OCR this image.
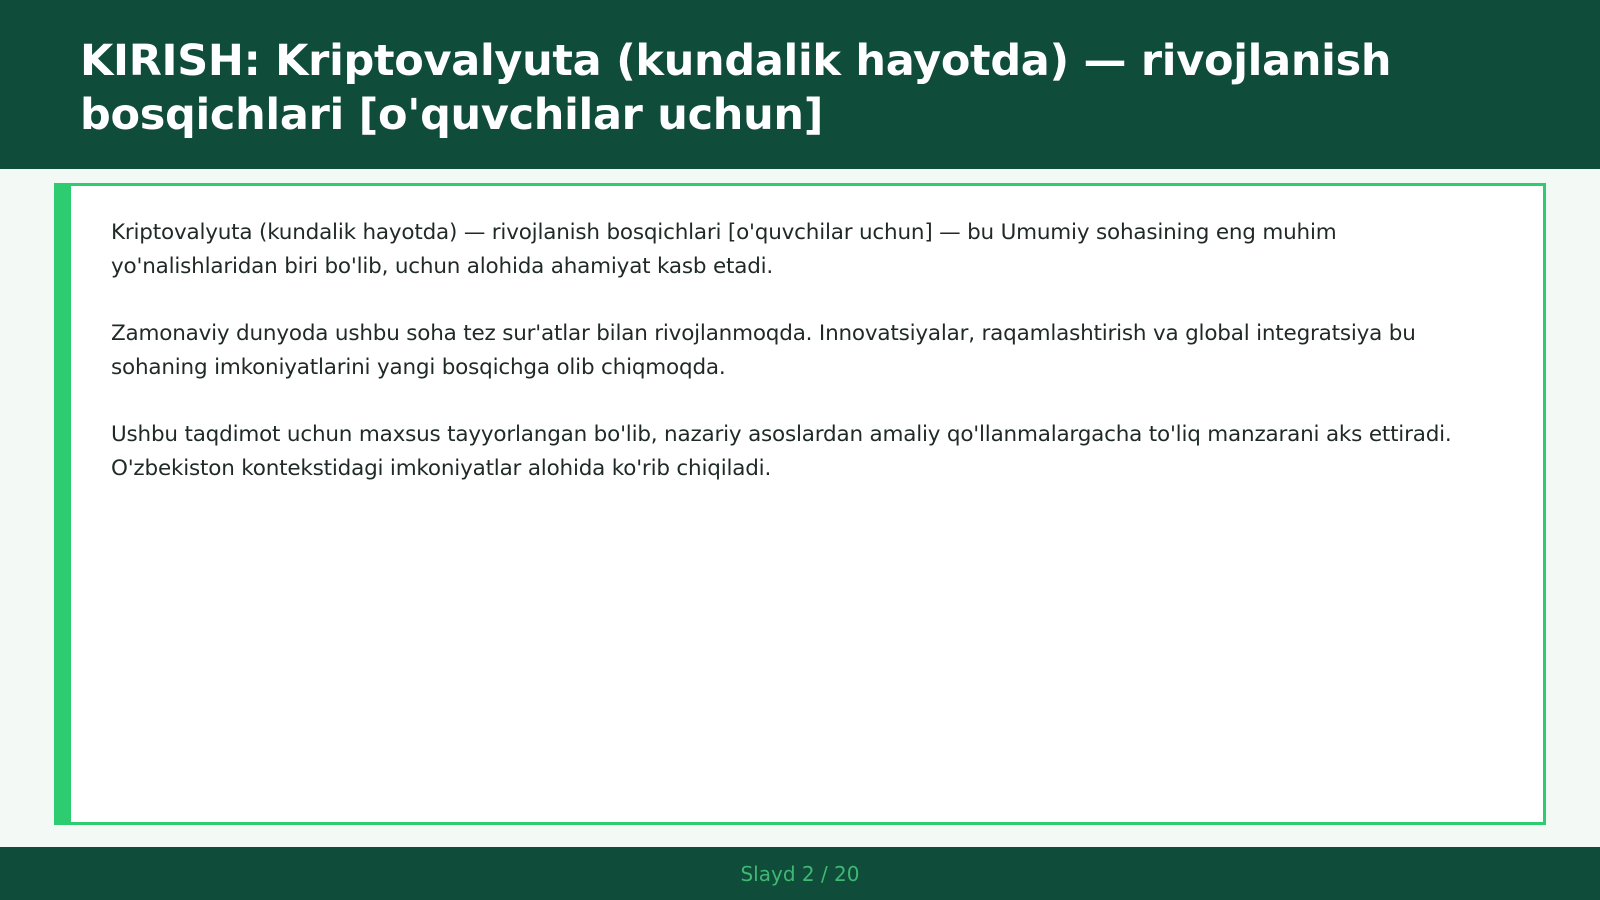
KIRISH: Kriptovalyuta (kundalik hayotda) — rivojlanish bosqichlari [o'quvchilar uchun]

Kriptovalyuta (kundalik hayotda) — rivojlanish bosqichlari [o'quvchilar uchun] — bu Umumiy sohasining eng muhim yo'nalishlaridan biri bo'lib, uchun alohida ahamiyat kasb etadi.

Zamonaviy dunyoda ushbu soha tez sur'atlar bilan rivojlanmoqda. Innovatsiyalar, raqamlashtirish va global integratsiya bu sohaning imkoniyatlarini yangi bosqichga olib chiqmoqda.

Ushbu taqdimot uchun maxsus tayyorlangan bo'lib, nazariy asoslardan amaliy qo'llanmalargacha to'liq manzarani aks ettiradi. O'zbekiston kontekstidagi imkoniyatlar alohida ko'rib chiqiladi.

Slayd 2 / 20
